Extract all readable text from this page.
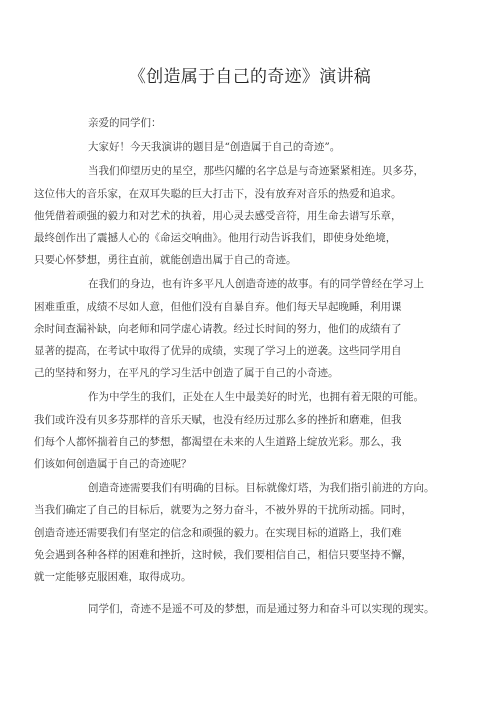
《创造属于自己的奇迹》演讲稿

亲爱的同学们：

大家好！今天我演讲的题目是“创造属于自己的奇迹”。

当我们仰望历史的星空，那些闪耀的名字总是与奇迹紧紧相连。贝多芬，
这位伟大的音乐家，在双耳失聪的巨大打击下，没有放弃对音乐的热爱和追求。
他凭借着顽强的毅力和对艺术的执着，用心灵去感受音符，用生命去谱写乐章，
最终创作出了震撼人心的《命运交响曲》。他用行动告诉我们，即使身处绝境，
只要心怀梦想，勇往直前，就能创造出属于自己的奇迹。

在我们的身边，也有许多平凡人创造奇迹的故事。有的同学曾经在学习上
困难重重，成绩不尽如人意，但他们没有自暴自弃。他们每天早起晚睡，利用课
余时间查漏补缺，向老师和同学虚心请教。经过长时间的努力，他们的成绩有了
显著的提高，在考试中取得了优异的成绩，实现了学习上的逆袭。这些同学用自
己的坚持和努力，在平凡的学习生活中创造了属于自己的小奇迹。

作为中学生的我们，正处在人生中最美好的时光，也拥有着无限的可能。
我们或许没有贝多芬那样的音乐天赋，也没有经历过那么多的挫折和磨难，但我
们每个人都怀揣着自己的梦想，都渴望在未来的人生道路上绽放光彩。那么，我
们该如何创造属于自己的奇迹呢？

创造奇迹需要我们有明确的目标。目标就像灯塔，为我们指引前进的方向。
当我们确定了自己的目标后，就要为之努力奋斗，不被外界的干扰所动摇。同时，
创造奇迹还需要我们有坚定的信念和顽强的毅力。在实现目标的道路上，我们难
免会遇到各种各样的困难和挫折，这时候，我们要相信自己，相信只要坚持不懈，
就一定能够克服困难，取得成功。

同学们，奇迹不是遥不可及的梦想，而是通过努力和奋斗可以实现的现实。
